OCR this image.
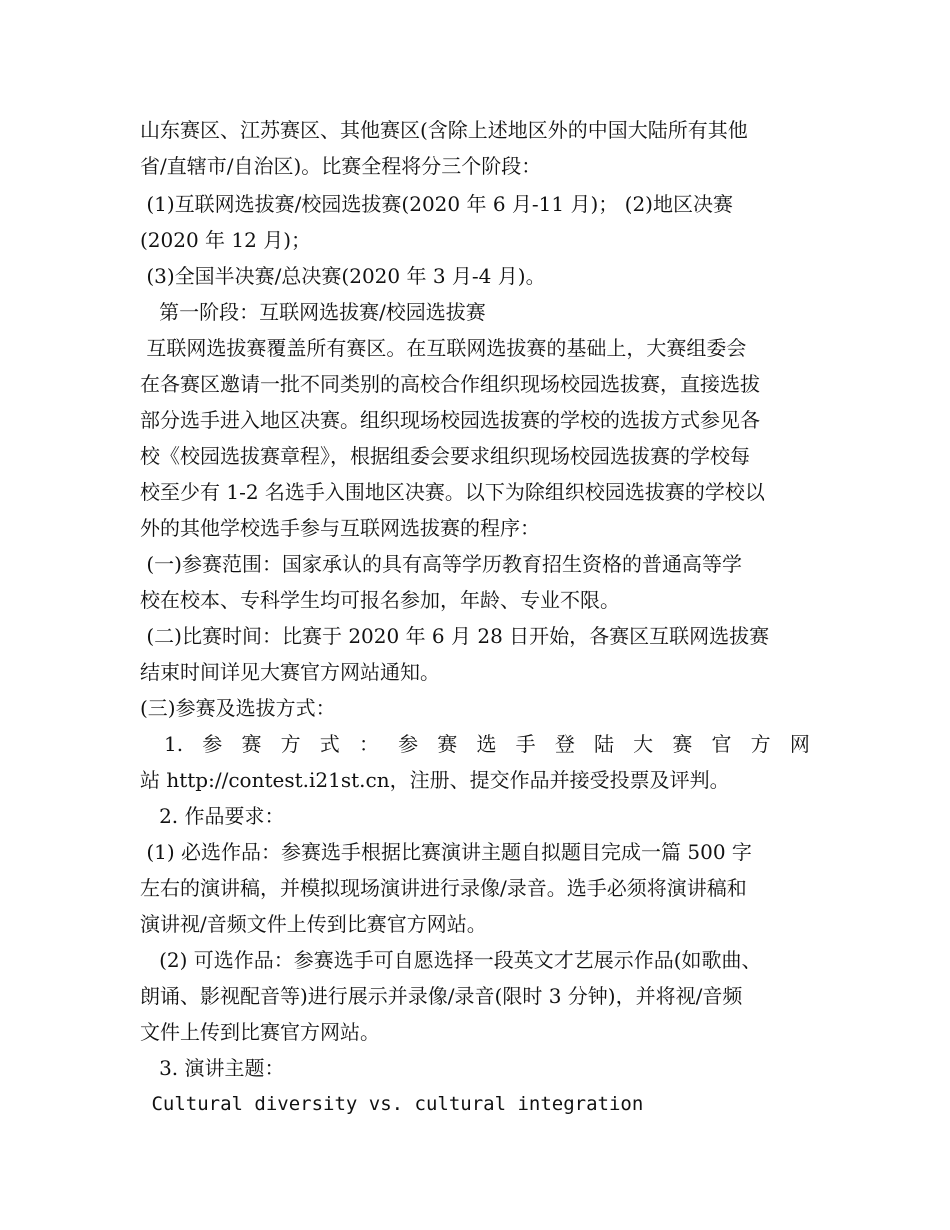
山东赛区、江苏赛区、其他赛区(含除上述地区外的中国大陆所有其他
省/直辖市/自治区)。比赛全程将分三个阶段：
(1)互联网选拔赛/校园选拔赛(2020 年 6 月-11 月)； (2)地区决赛
(2020 年 12 月)；
(3)全国半决赛/总决赛(2020 年 3 月-4 月)。
第一阶段：互联网选拔赛/校园选拔赛
互联网选拔赛覆盖所有赛区。在互联网选拔赛的基础上，大赛组委会
在各赛区邀请一批不同类别的高校合作组织现场校园选拔赛，直接选拔
部分选手进入地区决赛。组织现场校园选拔赛的学校的选拔方式参见各
校《校园选拔赛章程》，根据组委会要求组织现场校园选拔赛的学校每
校至少有 1-2 名选手入围地区决赛。以下为除组织校园选拔赛的学校以
外的其他学校选手参与互联网选拔赛的程序：
(一)参赛范围：国家承认的具有高等学历教育招生资格的普通高等学
校在校本、专科学生均可报名参加，年龄、专业不限。
(二)比赛时间：比赛于 2020 年 6 月 28 日开始，各赛区互联网选拔赛
结束时间详见大赛官方网站通知。
(三)参赛及选拔方式：
1. 参 赛 方 式 ： 参 赛 选 手 登 陆 大 赛 官 方 网
站 http://contest.i21st.cn，注册、提交作品并接受投票及评判。
2. 作品要求：
(1) 必选作品：参赛选手根据比赛演讲主题自拟题目完成一篇 500 字
左右的演讲稿，并模拟现场演讲进行录像/录音。选手必须将演讲稿和
演讲视/音频文件上传到比赛官方网站。
(2) 可选作品：参赛选手可自愿选择一段英文才艺展示作品(如歌曲、
朗诵、影视配音等)进行展示并录像/录音(限时 3 分钟)，并将视/音频
文件上传到比赛官方网站。
3. 演讲主题：
Cultural diversity vs. cultural integration
